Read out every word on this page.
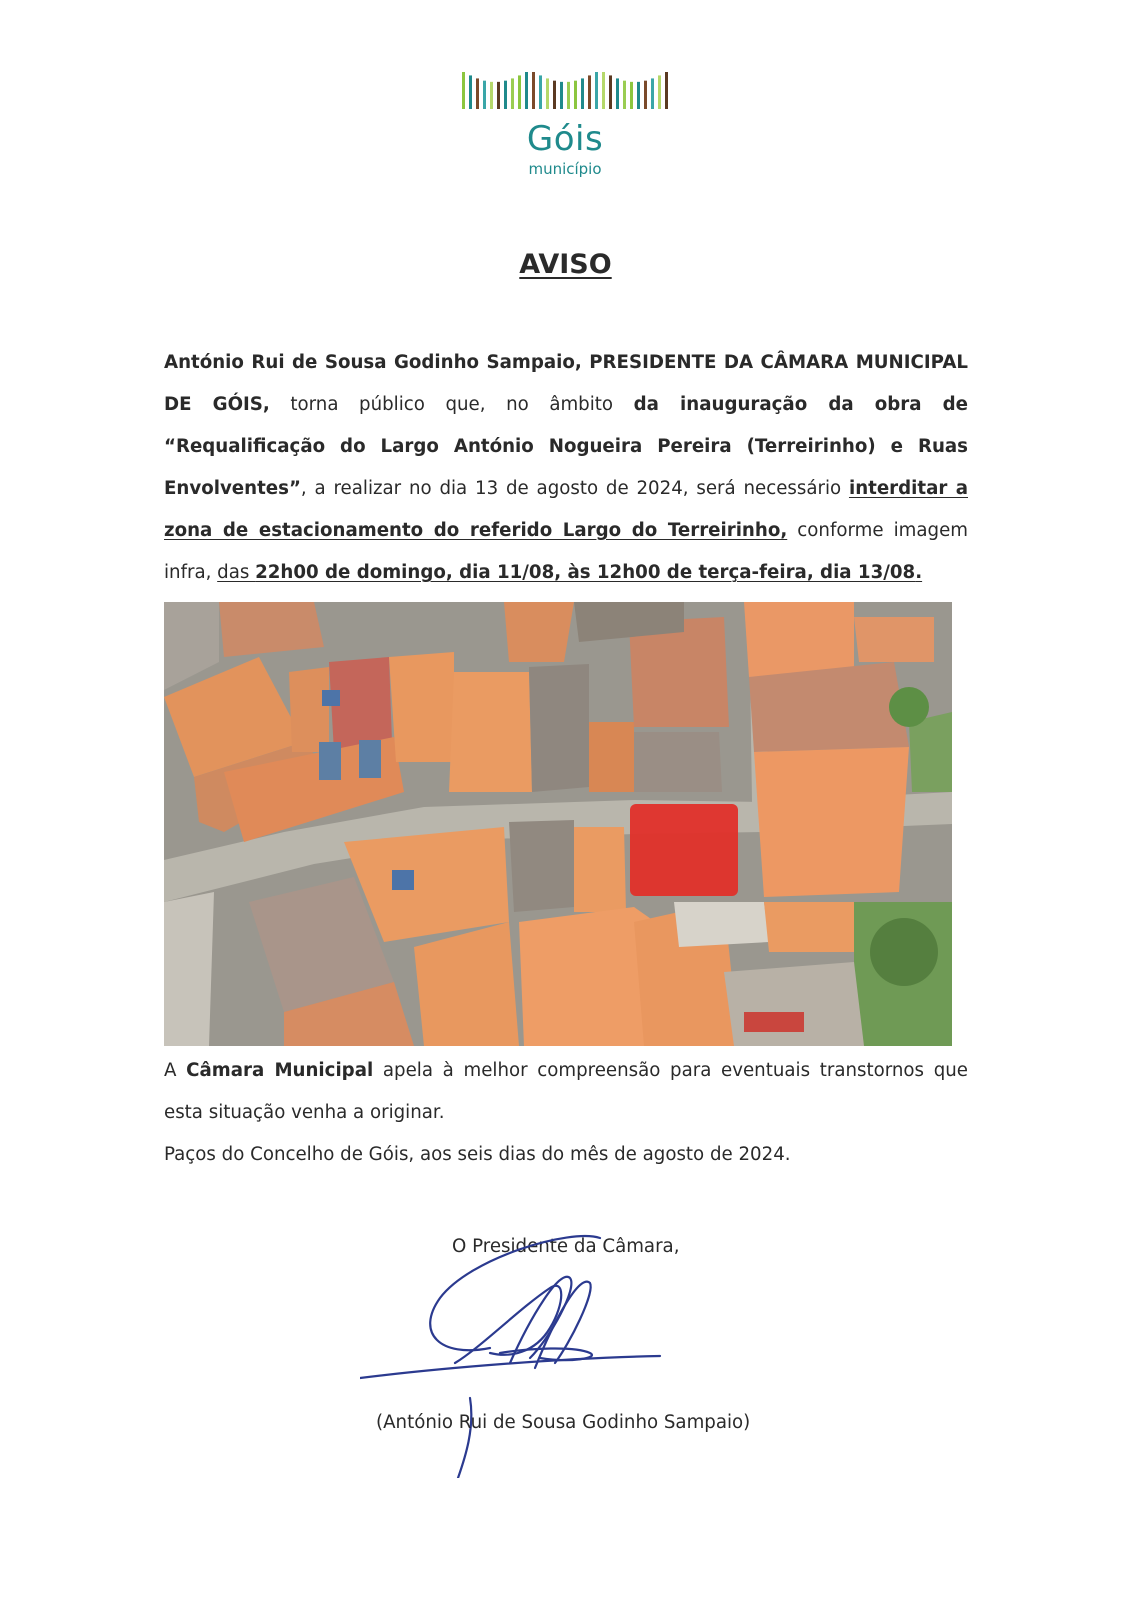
Góis
município
AVISO
António Rui de Sousa Godinho Sampaio, PRESIDENTE DA CÂMARA MUNICIPAL DE GÓIS, torna público que, no âmbito da inauguração da obra de “Requalificação do Largo António Nogueira Pereira (Terreirinho) e Ruas Envolventes”, a realizar no dia 13 de agosto de 2024, será necessário interditar a zona de estacionamento do referido Largo do Terreirinho, conforme imagem infra, das 22h00 de domingo, dia 11/08, às 12h00 de terça-feira, dia 13/08.

A Câmara Municipal apela à melhor compreensão para eventuais transtornos que esta situação venha a originar.

Paços do Concelho de Góis, aos seis dias do mês de agosto de 2024.

O Presidente da Câmara,
(António Rui de Sousa Godinho Sampaio)
